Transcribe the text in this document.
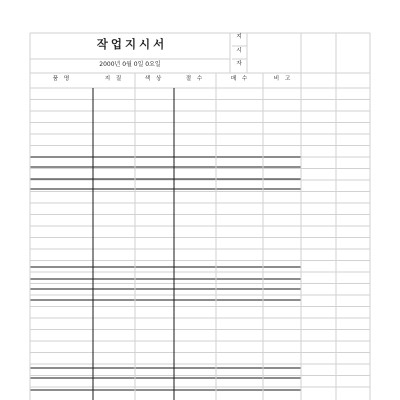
작업지시서
2000년 0월 0일 0요일
지
시
자
품 명	지 질	색 상	절 수	매 수	비 고
